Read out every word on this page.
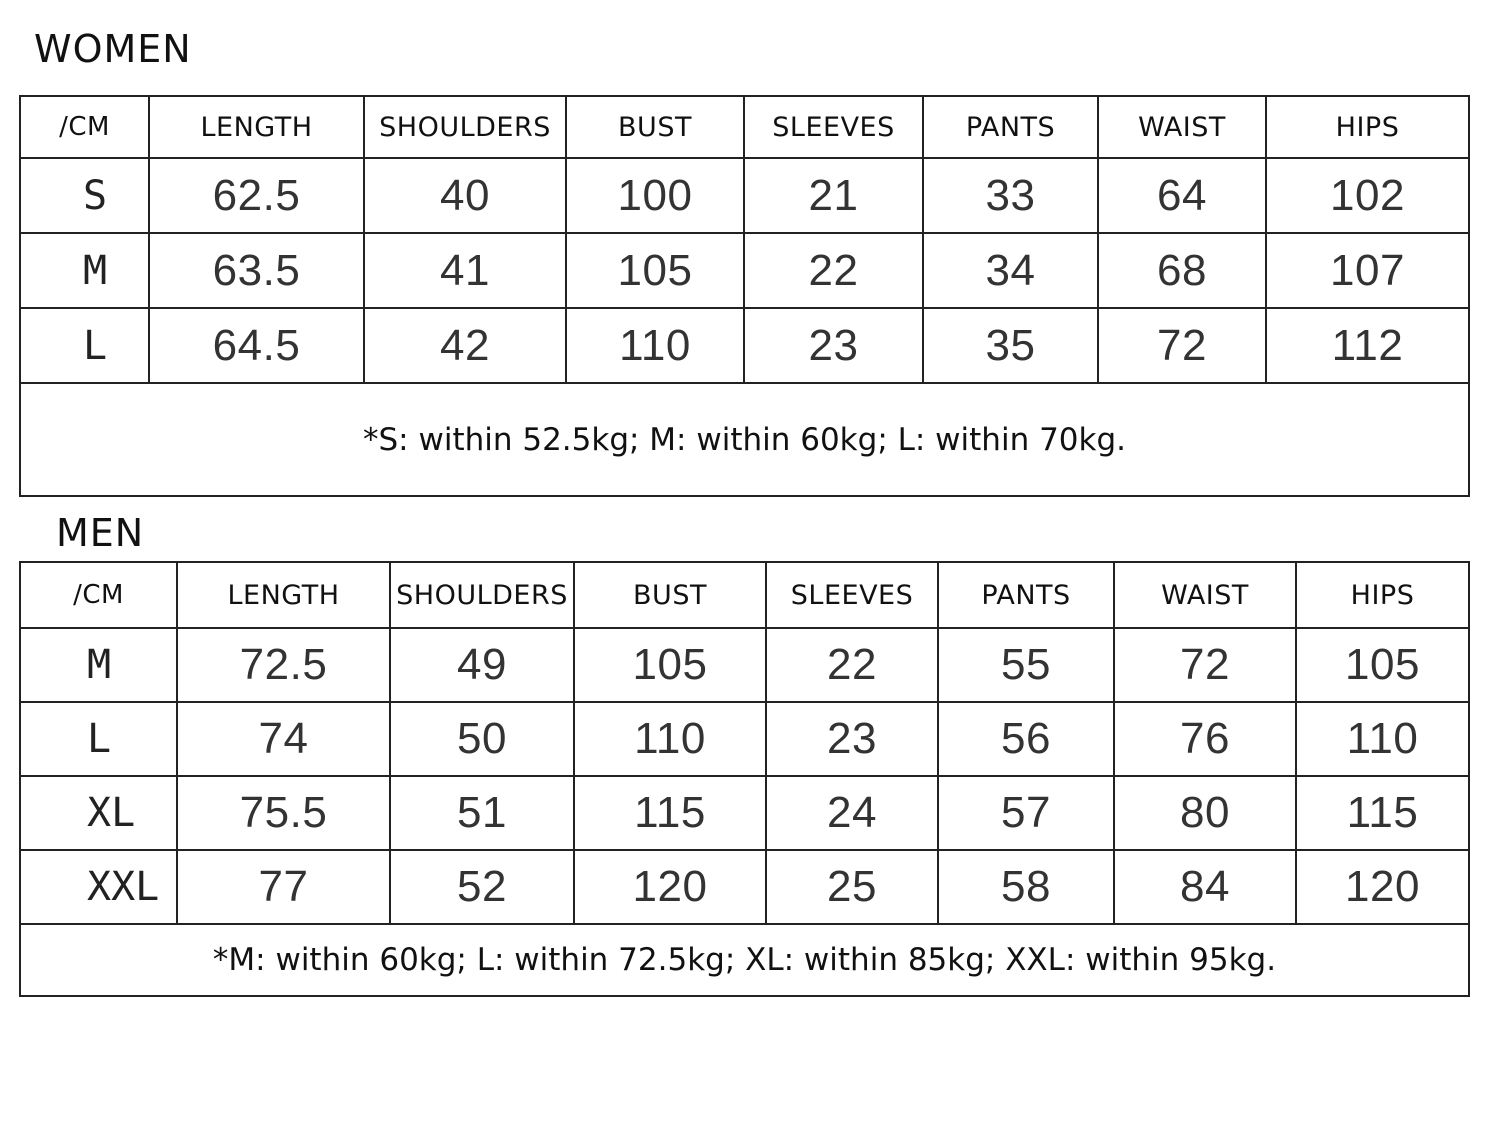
WOMEN
/CM	LENGTH	SHOULDERS	BUST	SLEEVES	PANTS	WAIST	HIPS
S	62.5	40	100	21	33	64	102
M	63.5	41	105	22	34	68	107
L	64.5	42	110	23	35	72	112
*S: within 52.5kg; M: within 60kg; L: within 70kg.							
MEN
/CM	LENGTH	SHOULDERS	BUST	SLEEVES	PANTS	WAIST	HIPS
M	72.5	49	105	22	55	72	105
L	74	50	110	23	56	76	110
XL	75.5	51	115	24	57	80	115
XXL	77	52	120	25	58	84	120
*M: within 60kg; L: within 72.5kg; XL: within 85kg; XXL: within 95kg.							
